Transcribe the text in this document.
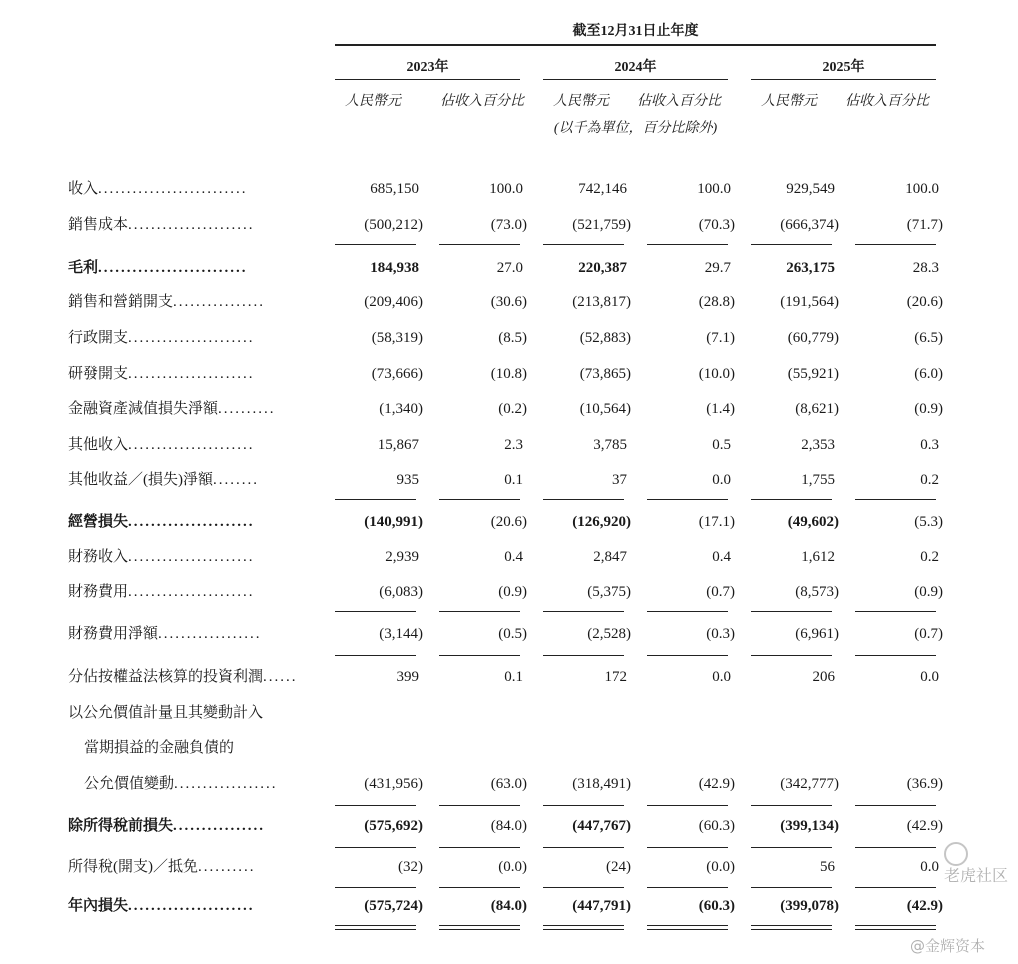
截至12月31日止年度
2023年	2024年	2025年
人民幣元	佔收入百分比 人民幣元	佔收入百分比	人民幣元	佔收入百分比
(以千為單位，百分比除外)
收入..........................	685,150	100.0	742,146	100.0	929,549	100.0
銷售成本......................	(500,212)	(73.0)	(521,759)	(70.3)	(666,374)	(71.7)
毛利..........................	184,938	27.0	220,387	29.7	263,175	28.3
銷售和營銷開支................	(209,406)	(30.6)	(213,817)	(28.8)	(191,564)	(20.6)
行政開支......................	(58,319)	(8.5)	(52,883)	(7.1)	(60,779)	(6.5)
研發開支......................	(73,666)	(10.8)	(73,865)	(10.0)	(55,921)	(6.0)
金融資產減值損失淨額..........	(1,340)	(0.2)	(10,564)	(1.4)	(8,621)	(0.9)
其他收入......................	15,867	2.3	3,785	0.5	2,353	0.3
其他收益／(損失)淨額........	935	0.1	37	0.0	1,755	0.2
經營損失......................	(140,991)	(20.6)	(126,920)	(17.1)	(49,602)	(5.3)
財務收入......................	2,939	0.4	2,847	0.4	1,612	0.2
財務費用......................	(6,083)	(0.9)	(5,375)	(0.7)	(8,573)	(0.9)
財務費用淨額..................	(3,144)	(0.5)	(2,528)	(0.3)	(6,961)	(0.7)
分佔按權益法核算的投資利潤......	399	0.1	172	0.0	206	0.0
以公允價值計量且其變動計入
當期損益的金融負債的
公允價值變動..................	(431,956)	(63.0)	(318,491)	(42.9)	(342,777)	(36.9)
除所得稅前損失................	(575,692)	(84.0)	(447,767)	(60.3)	(399,134)	(42.9)
所得稅(開支)／抵免..........	(32)	(0.0)	(24)	(0.0)	56	0.0
年內損失......................	(575,724)	(84.0)	(447,791)	(60.3)	(399,078)	(42.9)
老虎社区
@金辉资本
